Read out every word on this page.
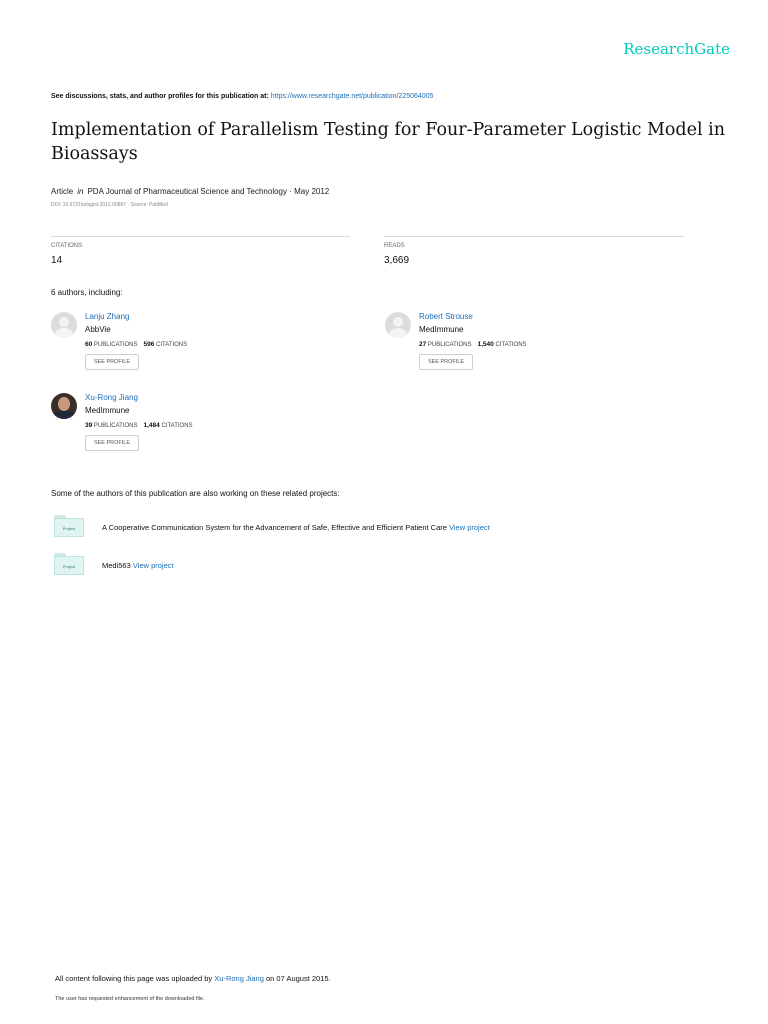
ResearchGate
See discussions, stats, and author profiles for this publication at: https://www.researchgate.net/publication/225064005
Implementation of Parallelism Testing for Four-Parameter Logistic Model in Bioassays
Article in PDA Journal of Pharmaceutical Science and Technology · May 2012
DOI: 10.5731/pdajpst.2012.00867 · Source: PubMed
CITATIONS
14
READS
3,669
6 authors, including:
Lanju Zhang
AbbVie
60 PUBLICATIONS 596 CITATIONS
SEE PROFILE
Robert Strouse
MedImmune
27 PUBLICATIONS 1,540 CITATIONS
SEE PROFILE
Xu-Rong Jiang
MedImmune
39 PUBLICATIONS 1,484 CITATIONS
SEE PROFILE
Some of the authors of this publication are also working on these related projects:
Project	A Cooperative Communication System for the Advancement of Safe, Effective and Efficient Patient Care View project
Project	Medi563 View project
All content following this page was uploaded by Xu-Rong Jiang on 07 August 2015.
The user has requested enhancement of the downloaded file.
